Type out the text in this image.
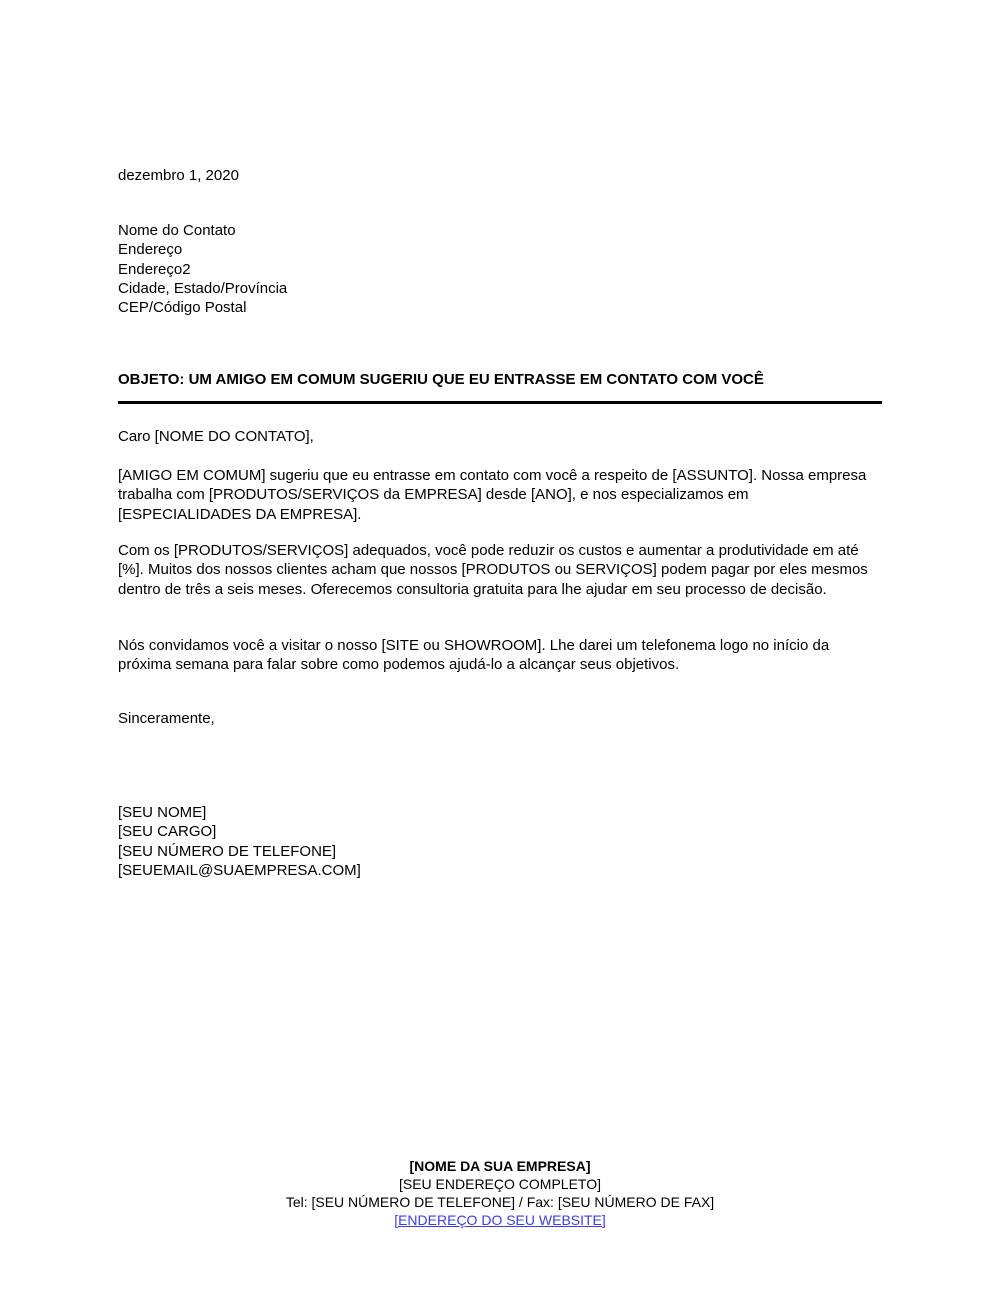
dezembro 1, 2020
Nome do Contato
Endereço
Endereço2
Cidade, Estado/Província
CEP/Código Postal
OBJETO: UM AMIGO EM COMUM SUGERIU QUE EU ENTRASSE EM CONTATO COM VOCÊ

Caro [NOME DO CONTATO],

[AMIGO EM COMUM] sugeriu que eu entrasse em contato com você a respeito de [ASSUNTO]. Nossa empresa trabalha com [PRODUTOS/SERVIÇOS da EMPRESA] desde [ANO], e nos especializamos em [ESPECIALIDADES DA EMPRESA].

Com os [PRODUTOS/SERVIÇOS] adequados, você pode reduzir os custos e aumentar a produtividade em até [%]. Muitos dos nossos clientes acham que nossos [PRODUTOS ou SERVIÇOS] podem pagar por eles mesmos dentro de três a seis meses. Oferecemos consultoria gratuita para lhe ajudar em seu processo de decisão.

Nós convidamos você a visitar o nosso [SITE ou SHOWROOM]. Lhe darei um telefonema logo no início da próxima semana para falar sobre como podemos ajudá-lo a alcançar seus objetivos.

Sinceramente,

[SEU NOME]
[SEU CARGO]
[SEU NÚMERO DE TELEFONE]
[SEUEMAIL@SUAEMPRESA.COM]
[NOME DA SUA EMPRESA]
[SEU ENDEREÇO COMPLETO]
Tel: [SEU NÚMERO DE TELEFONE] / Fax: [SEU NÚMERO DE FAX]
[ENDEREÇO DO SEU WEBSITE]
